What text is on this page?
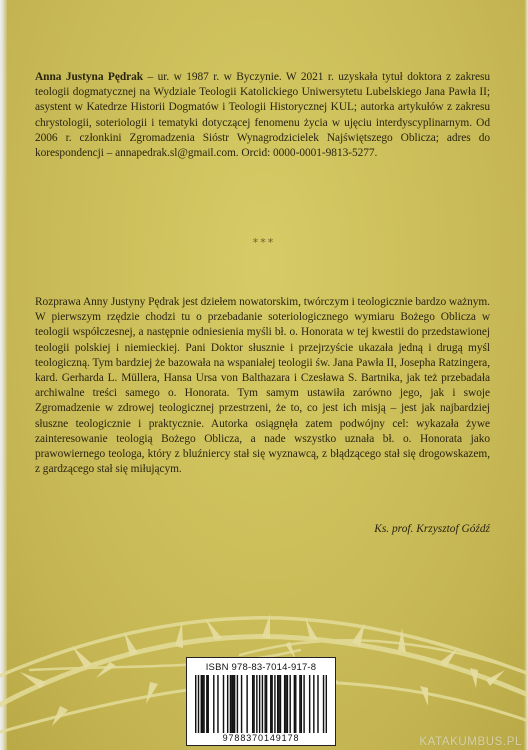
Anna Justyna Pędrak – ur. w 1987 r. w Byczynie. W 2021 r. uzyskała tytuł doktora z zakresu teologii dogmatycznej na Wydziale Teologii Katolickiego Uniwersytetu Lubelskiego Jana Pawła II; asystent w Katedrze Historii Dogmatów i Teologii Historycznej KUL; autorka artykułów z zakresu chrystologii, soteriologii i tematyki dotyczącej fenomenu życia w ujęciu interdyscyplinarnym. Od 2006 r. członkini Zgromadzenia Sióstr Wynagrodzicielek Najświętszego Oblicza; adres do korespondencji – annapedrak.sl@gmail.com. Orcid: 0000-0001-9813-5277.
***
Rozprawa Anny Justyny Pędrak jest dziełem nowatorskim, twórczym i teologicznie bardzo ważnym. W pierwszym rzędzie chodzi tu o przebadanie soteriologicznego wymiaru Bożego Oblicza w teologii współczesnej, a następnie odniesienia myśli bł. o. Honorata w tej kwestii do przedstawionej teologii polskiej i niemieckiej. Pani Doktor słusznie i przejrzyście ukazała jedną i drugą myśl teologiczną. Tym bardziej że bazowała na wspaniałej teologii św. Jana Pawła II, Josepha Ratzingera, kard. Gerharda L. Müllera, Hansa Ursa von Balthazara i Czesława S. Bartnika, jak też przebadała archiwalne treści samego o. Honorata. Tym samym ustawiła zarówno jego, jak i swoje Zgromadzenie w zdrowej teologicznej przestrzeni, że to, co jest ich misją – jest jak najbardziej słuszne teologicznie i praktycznie. Autorka osiągnęła zatem podwójny cel: wykazała żywe zainteresowanie teologią Bożego Oblicza, a nade wszystko uznała bł. o. Honorata jako prawowiernego teologa, który z bluźniercy stał się wyznawcą, z błądzącego stał się drogowskazem, z gardzącego stał się miłującym.
Ks. prof. Krzysztof Góźdź
ISBN 978-83-7014-917-8
9788370149178	KATAKUMBUS.PL
